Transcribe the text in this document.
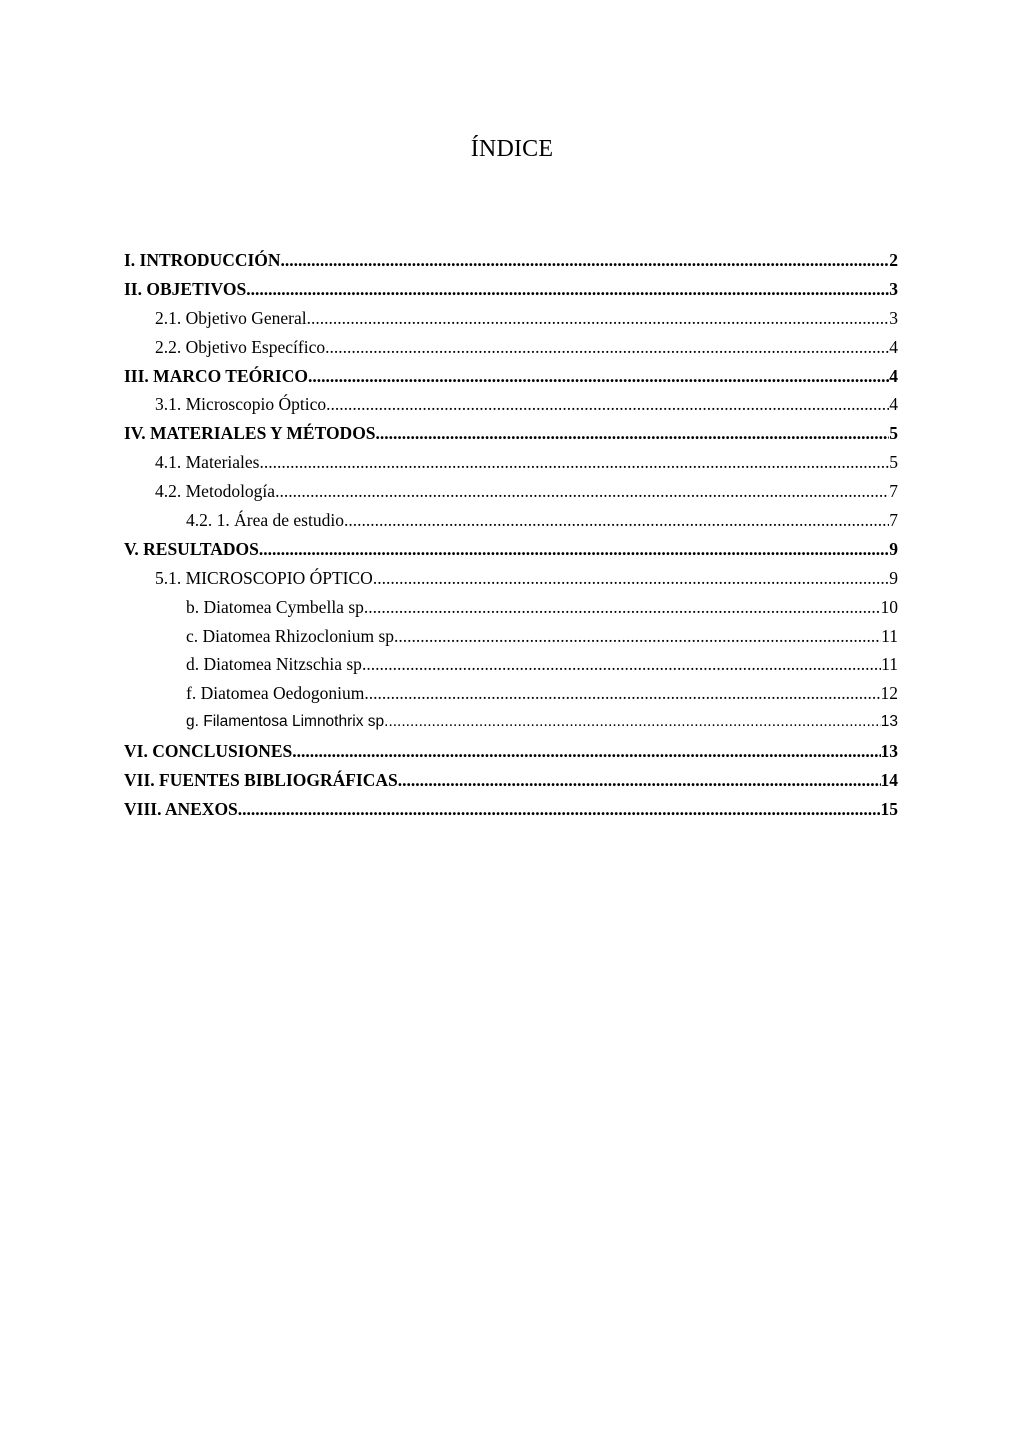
ÍNDICE
I. INTRODUCCIÓN .....	2
II. OBJETIVOS .....	3
2.1. Objetivo General .....	3
2.2. Objetivo Específico .....	4
III. MARCO TEÓRICO .....	4
3.1. Microscopio Óptico .....	4
IV. MATERIALES Y MÉTODOS .....	5
4.1. Materiales .....	5
4.2. Metodología .....	7
4.2. 1. Área de estudio .....	7
V. RESULTADOS .....	9
5.1. MICROSCOPIO ÓPTICO .....	9
b. Diatomea Cymbella sp .....	10
c. Diatomea Rhizoclonium sp .....	11
d. Diatomea Nitzschia sp .....	11
f. Diatomea Oedogonium .....	12
g. Filamentosa Limnothrix sp .....	13
VI. CONCLUSIONES .....	13
VII. FUENTES BIBLIOGRÁFICAS .....	14
VIII. ANEXOS .....	15
